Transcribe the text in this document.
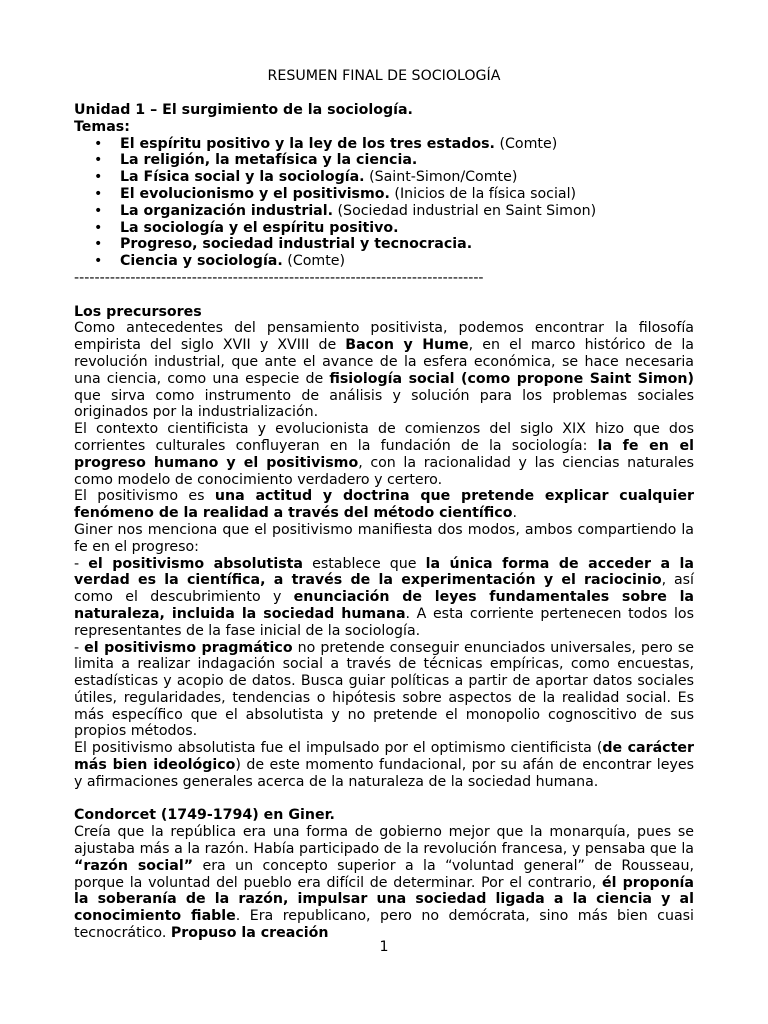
RESUMEN FINAL DE SOCIOLOGÍA

Unidad 1 – El surgimiento de la sociología.

Temas:

• El espíritu positivo y la ley de los tres estados. (Comte)
• La religión, la metafísica y la ciencia.
• La Física social y la sociología. (Saint-Simon/Comte)
• El evolucionismo y el positivismo. (Inicios de la física social)
• La organización industrial. (Sociedad industrial en Saint Simon)
• La sociología y el espíritu positivo.
• Progreso, sociedad industrial y tecnocracia.
• Ciencia y sociología. (Comte)

--------------------------------------------------------------------------------

Los precursores

Como antecedentes del pensamiento positivista, podemos encontrar la filosofía empirista del siglo XVII y XVIII de Bacon y Hume, en el marco histórico de la revolución industrial, que ante el avance de la esfera económica, se hace necesaria una ciencia, como una especie de fisiología social (como propone Saint Simon) que sirva como instrumento de análisis y solución para los problemas sociales originados por la industrialización.

El contexto cientificista y evolucionista de comienzos del siglo XIX hizo que dos corrientes culturales confluyeran en la fundación de la sociología: la fe en el progreso humano y el positivismo, con la racionalidad y las ciencias naturales como modelo de conocimiento verdadero y certero.

El positivismo es una actitud y doctrina que pretende explicar cualquier fenómeno de la realidad a través del método científico.

Giner nos menciona que el positivismo manifiesta dos modos, ambos compartiendo la fe en el progreso:

- el positivismo absolutista establece que la única forma de acceder a la verdad es la científica, a través de la experimentación y el raciocinio, así como el descubrimiento y enunciación de leyes fundamentales sobre la naturaleza, incluida la sociedad humana. A esta corriente pertenecen todos los representantes de la fase inicial de la sociología.

- el positivismo pragmático no pretende conseguir enunciados universales, pero se limita a realizar indagación social a través de técnicas empíricas, como encuestas, estadísticas y acopio de datos. Busca guiar políticas a partir de aportar datos sociales útiles, regularidades, tendencias o hipótesis sobre aspectos de la realidad social. Es más específico que el absolutista y no pretende el monopolio cognoscitivo de sus propios métodos.

El positivismo absolutista fue el impulsado por el optimismo cientificista (de carácter más bien ideológico) de este momento fundacional, por su afán de encontrar leyes y afirmaciones generales acerca de la naturaleza de la sociedad humana.

Condorcet (1749-1794) en Giner.

Creía que la república era una forma de gobierno mejor que la monarquía, pues se ajustaba más a la razón. Había participado de la revolución francesa, y pensaba que la “razón social” era un concepto superior a la “voluntad general” de Rousseau, porque la voluntad del pueblo era difícil de determinar. Por el contrario, él proponía la soberanía de la razón, impulsar una sociedad ligada a la ciencia y al conocimiento fiable. Era republicano, pero no demócrata, sino más bien cuasi tecnocrático. Propuso la creación

1
